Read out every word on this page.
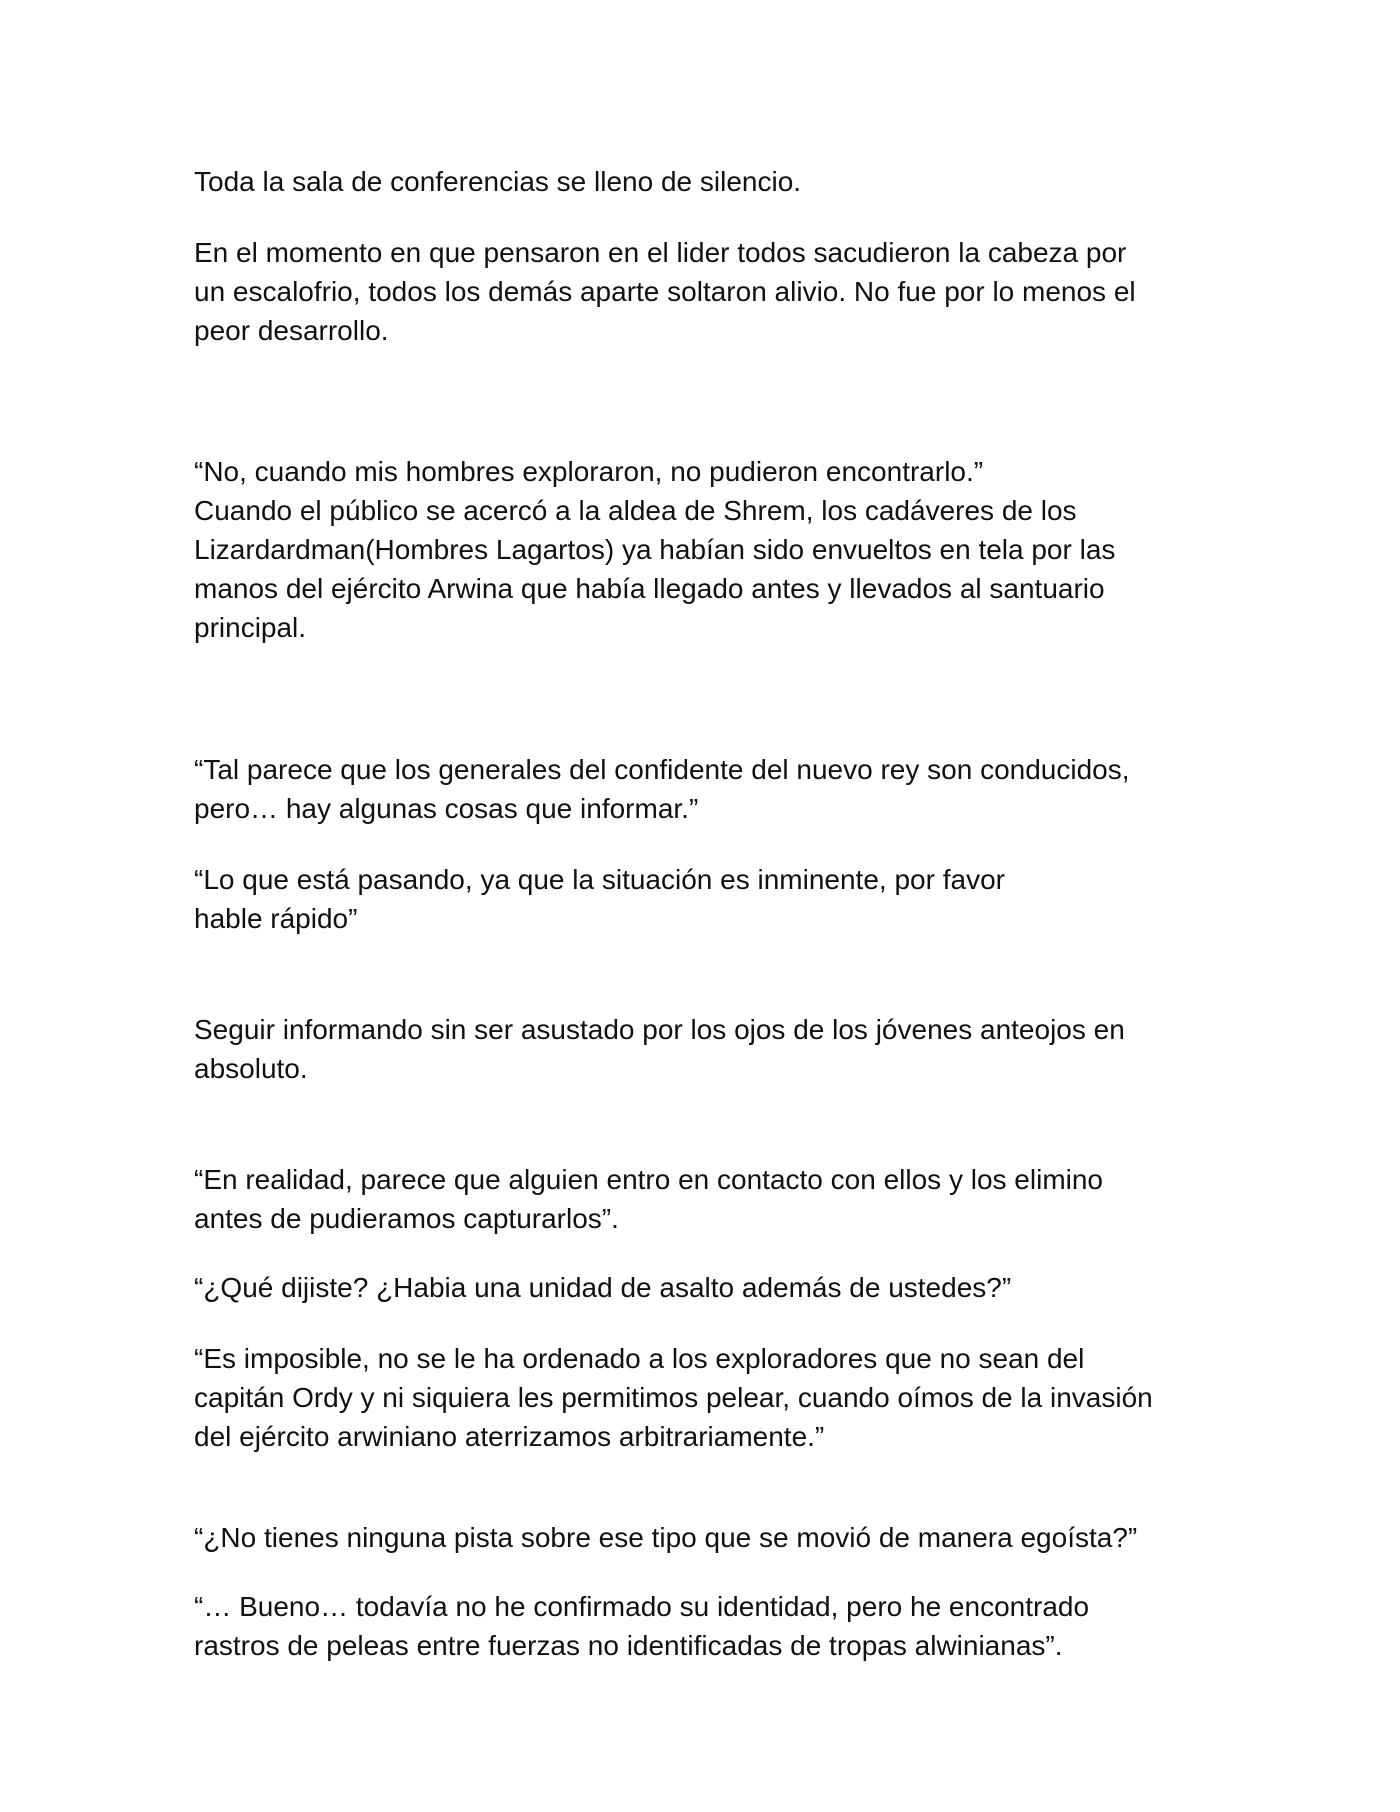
Toda la sala de conferencias se lleno de silencio.

En el momento en que pensaron en el lider todos sacudieron la cabeza por
un escalofrio, todos los demás aparte soltaron alivio. No fue por lo menos el
peor desarrollo.

“No, cuando mis hombres exploraron, no pudieron encontrarlo.”
Cuando el público se acercó a la aldea de Shrem, los cadáveres de los
Lizardardman(Hombres Lagartos) ya habían sido envueltos en tela por las
manos del ejército Arwina que había llegado antes y llevados al santuario
principal.

“Tal parece que los generales del confidente del nuevo rey son conducidos,
pero… hay algunas cosas que informar.”

“Lo que está pasando, ya que la situación es inminente, por favor
hable rápido”

Seguir informando sin ser asustado por los ojos de los jóvenes anteojos en
absoluto.

“En realidad, parece que alguien entro en contacto con ellos y los elimino
antes de pudieramos capturarlos”.

“¿Qué dijiste? ¿Habia una unidad de asalto además de ustedes?”

“Es imposible, no se le ha ordenado a los exploradores que no sean del
capitán Ordy y ni siquiera les permitimos pelear, cuando oímos de la invasión
del ejército arwiniano aterrizamos arbitrariamente.”

“¿No tienes ninguna pista sobre ese tipo que se movió de manera egoísta?”

“… Bueno… todavía no he confirmado su identidad, pero he encontrado
rastros de peleas entre fuerzas no identificadas de tropas alwinianas”.
